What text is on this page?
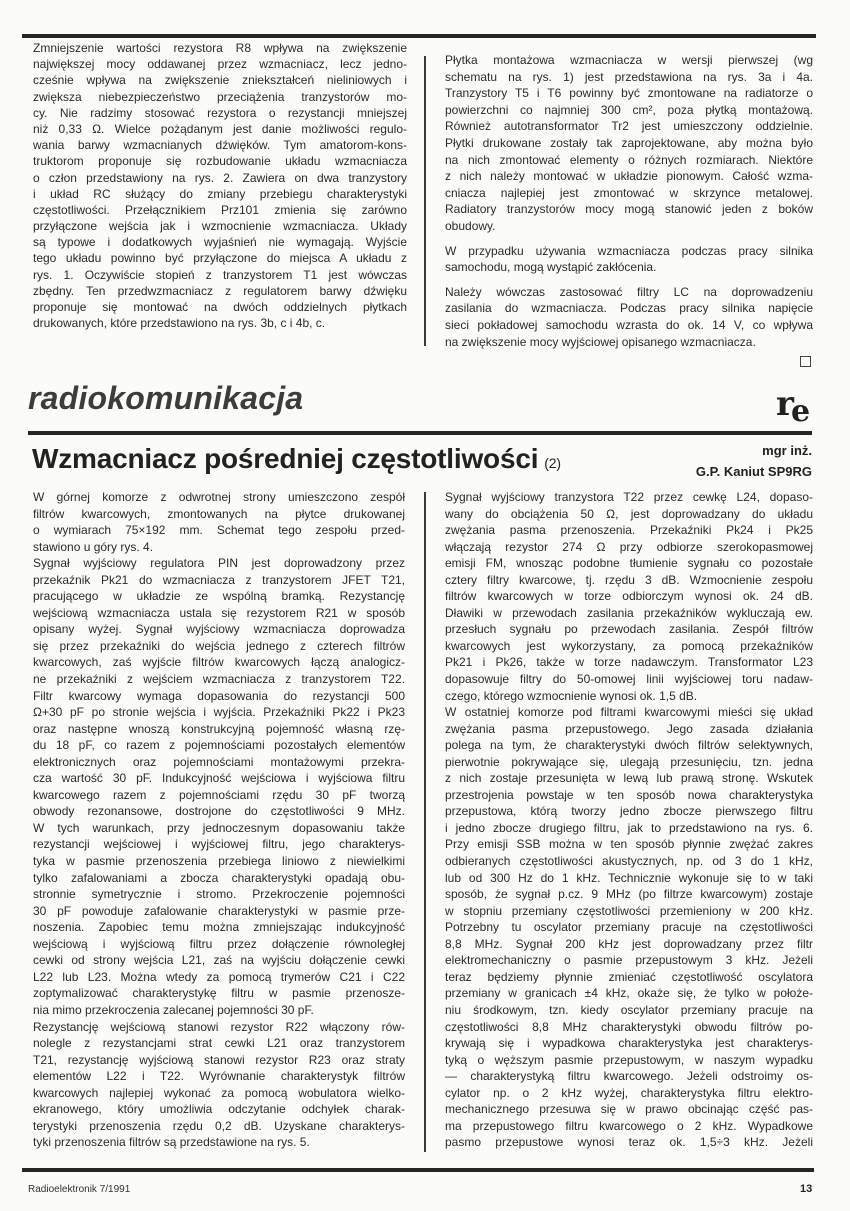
Zmniejszenie wartości rezystora R8 wpływa na zwiększenie
największej mocy oddawanej przez wzmacniacz, lecz jedno-
cześnie wpływa na zwiększenie zniekształceń nieliniowych i
zwiększa niebezpieczeństwo przeciążenia tranzystorów mo-
cy. Nie radzimy stosować rezystora o rezystancji mniejszej
niż 0,33 Ω. Wielce pożądanym jest danie możliwości regulo-
wania barwy wzmacnianych dźwięków. Tym amatorom-kons-
truktorom proponuje się rozbudowanie układu wzmacniacza
o człon przedstawiony na rys. 2. Zawiera on dwa tranzystory
i układ RC służący do zmiany przebiegu charakterystyki
częstotliwości. Przełącznikiem Prz101 zmienia się zarówno
przyłączone wejścia jak i wzmocnienie wzmacniacza. Układy
są typowe i dodatkowych wyjaśnień nie wymagają. Wyjście
tego układu powinno być przyłączone do miejsca A układu z
rys. 1. Oczywiście stopień z tranzystorem T1 jest wówczas
zbędny. Ten przedwzmacniacz z regulatorem barwy dźwięku
proponuje się montować na dwóch oddzielnych płytkach
drukowanych, które przedstawiono na rys. 3b, c i 4b, c.
Płytka montażowa wzmacniacza w wersji pierwszej (wg
schematu na rys. 1) jest przedstawiona na rys. 3a i 4a.
Tranzystory T5 i T6 powinny być zmontowane na radiatorze o
powierzchni co najmniej 300 cm², poza płytką montażową.
Również autotransformator Tr2 jest umieszczony oddzielnie.
Płytki drukowane zostały tak zaprojektowane, aby można było
na nich zmontować elementy o różnych rozmiarach. Niektóre
z nich należy montować w układzie pionowym. Całość wzma-
cniacza najlepiej jest zmontować w skrzynce metalowej.
Radiatory tranzystorów mocy mogą stanowić jeden z boków
obudowy.
W przypadku używania wzmacniacza podczas pracy silnika
samochodu, mogą wystąpić zakłócenia.
Należy wówczas zastosować filtry LC na doprowadzeniu
zasilania do wzmacniacza. Podczas pracy silnika napięcie
sieci pokładowej samochodu wzrasta do ok. 14 V, co wpływa
na zwiększenie mocy wyjściowej opisanego wzmacniacza.
radiokomunikacja	r
e
Wzmacniacz pośredniej częstotliwości (2)
mgr inż.
G.P. Kaniut SP9RG
W górnej komorze z odwrotnej strony umieszczono zespół
filtrów kwarcowych, zmontowanych na płytce drukowanej
o wymiarach 75×192 mm. Schemat tego zespołu przed-
stawiono u góry rys. 4.
Sygnał wyjściowy regulatora PIN jest doprowadzony przez
przekaźnik Pk21 do wzmacniacza z tranzystorem JFET T21,
pracującego w układzie ze wspólną bramką. Rezystancję
wejściową wzmacniacza ustala się rezystorem R21 w sposób
opisany wyżej. Sygnał wyjściowy wzmacniacza doprowadza
się przez przekaźniki do wejścia jednego z czterech filtrów
kwarcowych, zaś wyjście filtrów kwarcowych łączą analogicz-
ne przekaźniki z wejściem wzmacniacza z tranzystorem T22.
Filtr kwarcowy wymaga dopasowania do rezystancji 500
Ω+30 pF po stronie wejścia i wyjścia. Przekaźniki Pk22 i Pk23
oraz następne wnoszą konstrukcyjną pojemność własną rzę-
du 18 pF, co razem z pojemnościami pozostałych elementów
elektronicznych oraz pojemnościami montażowymi przekra-
cza wartość 30 pF. Indukcyjność wejściowa i wyjściowa filtru
kwarcowego razem z pojemnościami rzędu 30 pF tworzą
obwody rezonansowe, dostrojone do częstotliwości 9 MHz.
W tych warunkach, przy jednoczesnym dopasowaniu także
rezystancji wejściowej i wyjściowej filtru, jego charakterys-
tyka w pasmie przenoszenia przebiega liniowo z niewielkimi
tylko zafalowaniami a zbocza charakterystyki opadają obu-
stronnie symetrycznie i stromo. Przekroczenie pojemności
30 pF powoduje zafalowanie charakterystyki w pasmie prze-
noszenia. Zapobiec temu można zmniejszając indukcyjność
wejściową i wyjściową filtru przez dołączenie równoległej
cewki od strony wejścia L21, zaś na wyjściu dołączenie cewki
L22 lub L23. Można wtedy za pomocą trymerów C21 i C22
zoptymalizować charakterystykę filtru w pasmie przenosze-
nia mimo przekroczenia zalecanej pojemności 30 pF.
Rezystancję wejściową stanowi rezystor R22 włączony rów-
nolegle z rezystancjami strat cewki L21 oraz tranzystorem
T21, rezystancję wyjściową stanowi rezystor R23 oraz straty
elementów L22 i T22. Wyrównanie charakterystyk filtrów
kwarcowych najlepiej wykonać za pomocą wobulatora wielko-
ekranowego, który umożliwia odczytanie odchyłek charak-
terystyki przenoszenia rzędu 0,2 dB. Uzyskane charakterys-
tyki przenoszenia filtrów są przedstawione na rys. 5.
Sygnał wyjściowy tranzystora T22 przez cewkę L24, dopaso-
wany do obciążenia 50 Ω, jest doprowadzany do układu
zwężania pasma przenoszenia. Przekaźniki Pk24 i Pk25
włączają rezystor 274 Ω przy odbiorze szerokopasmowej
emisji FM, wnosząc podobne tłumienie sygnału co pozostałe
cztery filtry kwarcowe, tj. rzędu 3 dB. Wzmocnienie zespołu
filtrów kwarcowych w torze odbiorczym wynosi ok. 24 dB.
Dławiki w przewodach zasilania przekaźników wykluczają ew.
przesłuch sygnału po przewodach zasilania. Zespół filtrów
kwarcowych jest wykorzystany, za pomocą przekaźników
Pk21 i Pk26, także w torze nadawczym. Transformator L23
dopasowuje filtry do 50-omowej linii wyjściowej toru nadaw-
czego, którego wzmocnienie wynosi ok. 1,5 dB.
W ostatniej komorze pod filtrami kwarcowymi mieści się układ
zwężania pasma przepustowego. Jego zasada działania
polega na tym, że charakterystyki dwóch filtrów selektywnych,
pierwotnie pokrywające się, ulegają przesunięciu, tzn. jedna
z nich zostaje przesunięta w lewą lub prawą stronę. Wskutek
przestrojenia powstaje w ten sposób nowa charakterystyka
przepustowa, którą tworzy jedno zbocze pierwszego filtru
i jedno zbocze drugiego filtru, jak to przedstawiono na rys. 6.
Przy emisji SSB można w ten sposób płynnie zwężać zakres
odbieranych częstotliwości akustycznych, np. od 3 do 1 kHz,
lub od 300 Hz do 1 kHz. Technicznie wykonuje się to w taki
sposób, że sygnał p.cz. 9 MHz (po filtrze kwarcowym) zostaje
w stopniu przemiany częstotliwości przemieniony w 200 kHz.
Potrzebny tu oscylator przemiany pracuje na częstotliwości
8,8 MHz. Sygnał 200 kHz jest doprowadzany przez filtr
elektromechaniczny o pasmie przepustowym 3 kHz. Jeżeli
teraz będziemy płynnie zmieniać częstotliwość oscylatora
przemiany w granicach ±4 kHz, okaże się, że tylko w położe-
niu środkowym, tzn. kiedy oscylator przemiany pracuje na
częstotliwości 8,8 MHz charakterystyki obwodu filtrów po-
krywają się i wypadkowa charakterystyka jest charakterys-
tyką o węższym pasmie przepustowym, w naszym wypadku
— charakterystyką filtru kwarcowego. Jeżeli odstroimy os-
cylator np. o 2 kHz wyżej, charakterystyka filtru elektro-
mechanicznego przesuwa się w prawo obcinając część pas-
ma przepustowego filtru kwarcowego o 2 kHz. Wypadkowe
pasmo przepustowe wynosi teraz ok. 1,5÷3 kHz. Jeżeli
Radioelektronik 7/1991	13
